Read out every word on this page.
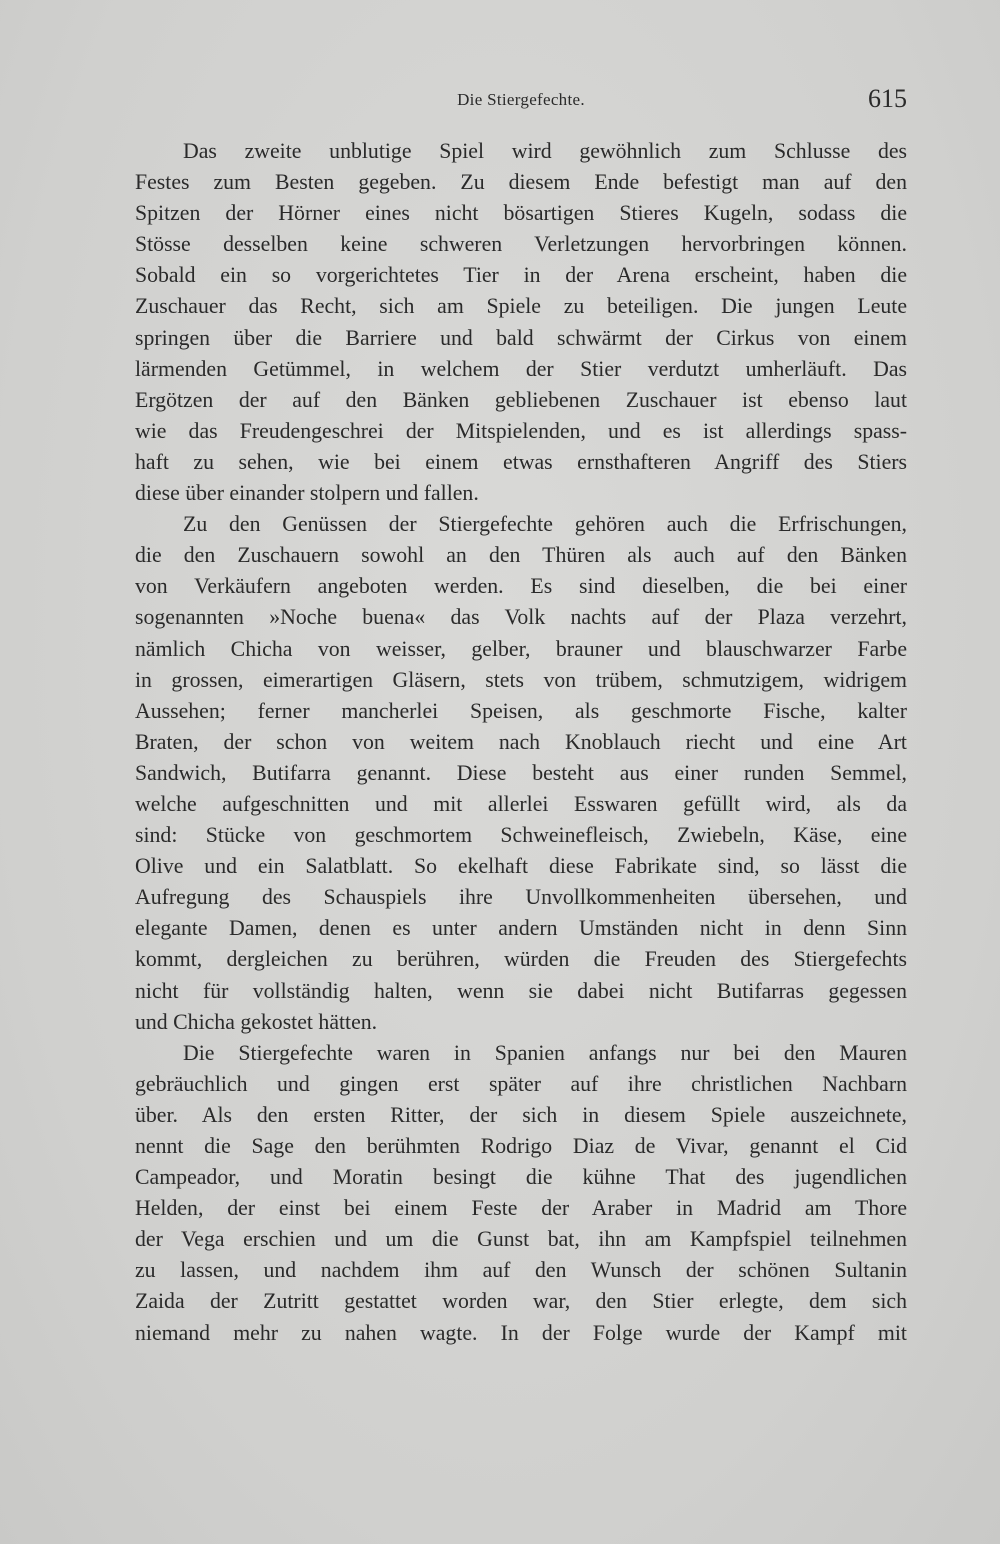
Die Stiergefechte.	615
Das zweite unblutige Spiel wird gewöhnlich zum Schlusse des
Festes zum Besten gegeben. Zu diesem Ende befestigt man auf den
Spitzen der Hörner eines nicht bösartigen Stieres Kugeln, sodass die
Stösse desselben keine schweren Verletzungen hervorbringen können.
Sobald ein so vorgerichtetes Tier in der Arena erscheint, haben die
Zuschauer das Recht, sich am Spiele zu beteiligen. Die jungen Leute
springen über die Barriere und bald schwärmt der Cirkus von einem
lärmenden Getümmel, in welchem der Stier verdutzt umherläuft. Das
Ergötzen der auf den Bänken gebliebenen Zuschauer ist ebenso laut
wie das Freudengeschrei der Mitspielenden, und es ist allerdings spass-
haft zu sehen, wie bei einem etwas ernsthafteren Angriff des Stiers
diese über einander stolpern und fallen.
Zu den Genüssen der Stiergefechte gehören auch die Erfrischungen,
die den Zuschauern sowohl an den Thüren als auch auf den Bänken
von Verkäufern angeboten werden. Es sind dieselben, die bei einer
sogenannten »Noche buena« das Volk nachts auf der Plaza verzehrt,
nämlich Chicha von weisser, gelber, brauner und blauschwarzer Farbe
in grossen, eimerartigen Gläsern, stets von trübem, schmutzigem, widrigem
Aussehen; ferner mancherlei Speisen, als geschmorte Fische, kalter
Braten, der schon von weitem nach Knoblauch riecht und eine Art
Sandwich, Butifarra genannt. Diese besteht aus einer runden Semmel,
welche aufgeschnitten und mit allerlei Esswaren gefüllt wird, als da
sind: Stücke von geschmortem Schweinefleisch, Zwiebeln, Käse, eine
Olive und ein Salatblatt. So ekelhaft diese Fabrikate sind, so lässt die
Aufregung des Schauspiels ihre Unvollkommenheiten übersehen, und
elegante Damen, denen es unter andern Umständen nicht in denn Sinn
kommt, dergleichen zu berühren, würden die Freuden des Stiergefechts
nicht für vollständig halten, wenn sie dabei nicht Butifarras gegessen
und Chicha gekostet hätten.
Die Stiergefechte waren in Spanien anfangs nur bei den Mauren
gebräuchlich und gingen erst später auf ihre christlichen Nachbarn
über. Als den ersten Ritter, der sich in diesem Spiele auszeichnete,
nennt die Sage den berühmten Rodrigo Diaz de Vivar, genannt el Cid
Campeador, und Moratin besingt die kühne That des jugendlichen
Helden, der einst bei einem Feste der Araber in Madrid am Thore
der Vega erschien und um die Gunst bat, ihn am Kampfspiel teilnehmen
zu lassen, und nachdem ihm auf den Wunsch der schönen Sultanin
Zaida der Zutritt gestattet worden war, den Stier erlegte, dem sich
niemand mehr zu nahen wagte. In der Folge wurde der Kampf mit
